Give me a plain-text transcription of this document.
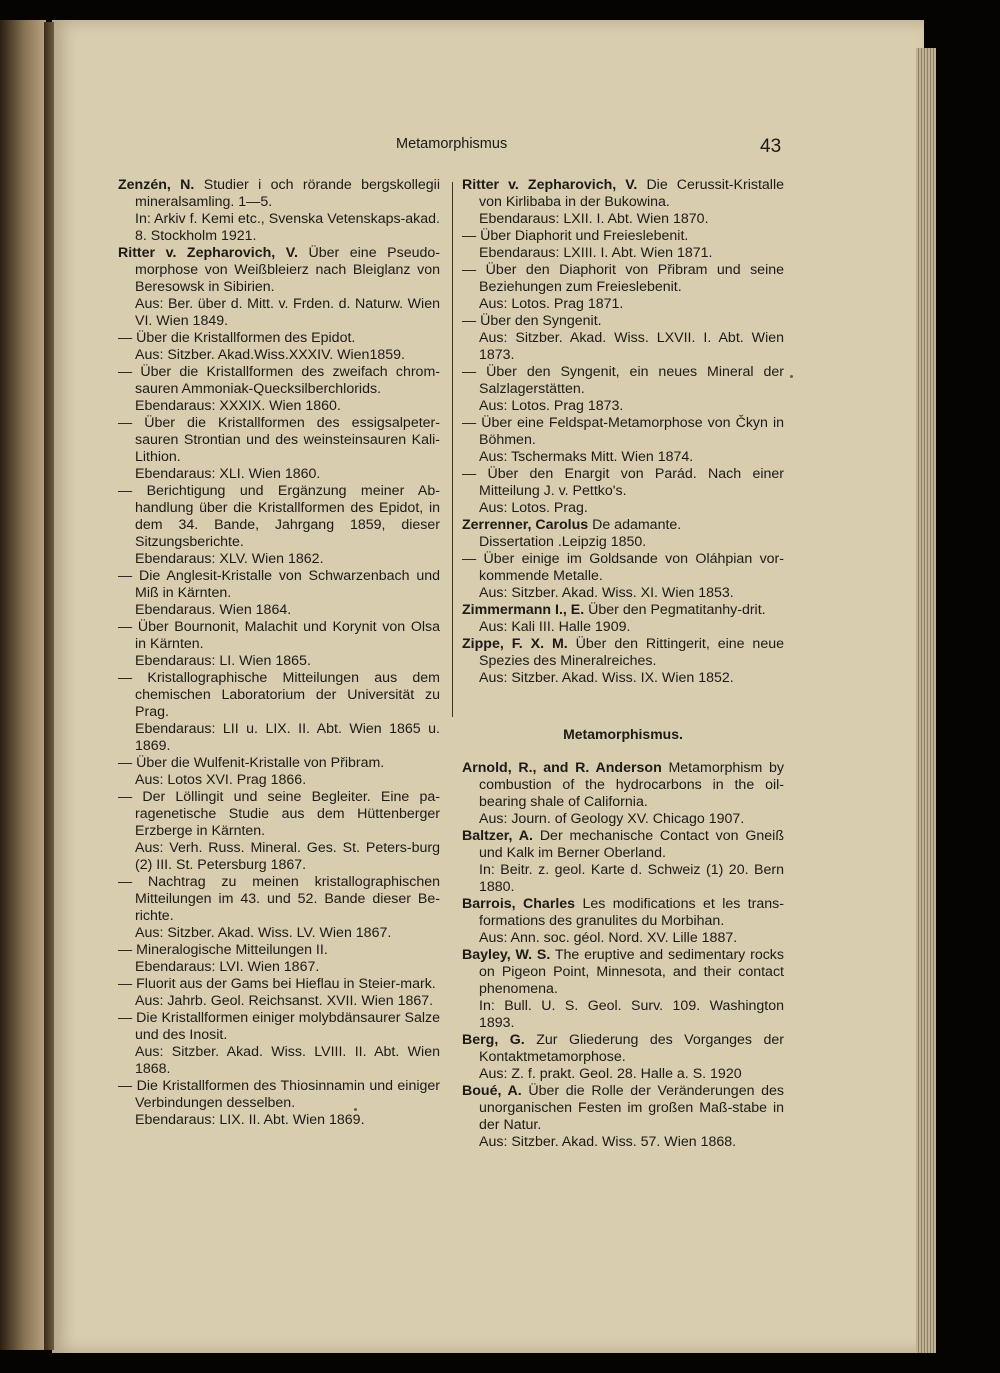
Metamorphismus	43

Zenzén, N. Studier i och rörande bergskollegii mineralsamling. 1—5.

In: Arkiv f. Kemi etc., Svenska Vetenskaps-akad. 8. Stockholm 1921.

Ritter v. Zepharovich, V. Über eine Pseudo-morphose von Weißbleierz nach Bleiglanz von Beresowsk in Sibirien.

Aus: Ber. über d. Mitt. v. Frden. d. Naturw. Wien VI. Wien 1849.

— Über die Kristallformen des Epidot.

Aus: Sitzber. Akad.Wiss.XXXIV. Wien1859.

— Über die Kristallformen des zweifach chrom-sauren Ammoniak-Quecksilberchlorids.

Ebendaraus: XXXIX. Wien 1860.

— Über die Kristallformen des essigsalpeter-sauren Strontian und des weinsteinsauren Kali-Lithion.

Ebendaraus: XLI. Wien 1860.

— Berichtigung und Ergänzung meiner Ab-handlung über die Kristallformen des Epidot, in dem 34. Bande, Jahrgang 1859, dieser Sitzungsberichte.

Ebendaraus: XLV. Wien 1862.

— Die Anglesit-Kristalle von Schwarzenbach und Miß in Kärnten.

Ebendaraus. Wien 1864.

— Über Bournonit, Malachit und Korynit von Olsa in Kärnten.

Ebendaraus: LI. Wien 1865.

— Kristallographische Mitteilungen aus dem chemischen Laboratorium der Universität zu Prag.

Ebendaraus: LII u. LIX. II. Abt. Wien 1865 u. 1869.

— Über die Wulfenit-Kristalle von Přibram.

Aus: Lotos XVI. Prag 1866.

— Der Löllingit und seine Begleiter. Eine pa-ragenetische Studie aus dem Hüttenberger Erzberge in Kärnten.

Aus: Verh. Russ. Mineral. Ges. St. Peters-burg (2) III. St. Petersburg 1867.

— Nachtrag zu meinen kristallographischen Mitteilungen im 43. und 52. Bande dieser Be-richte.

Aus: Sitzber. Akad. Wiss. LV. Wien 1867.

— Mineralogische Mitteilungen II.

Ebendaraus: LVI. Wien 1867.

— Fluorit aus der Gams bei Hieflau in Steier-mark.

Aus: Jahrb. Geol. Reichsanst. XVII. Wien 1867.

— Die Kristallformen einiger molybdänsaurer Salze und des Inosit.

Aus: Sitzber. Akad. Wiss. LVIII. II. Abt. Wien 1868.

— Die Kristallformen des Thiosinnamin und einiger Verbindungen desselben.

Ebendaraus: LIX. II. Abt. Wien 1869.

Ritter v. Zepharovich, V. Die Cerussit-Kristalle von Kirlibaba in der Bukowina.

Ebendaraus: LXII. I. Abt. Wien 1870.

— Über Diaphorit und Freieslebenit.

Ebendaraus: LXIII. I. Abt. Wien 1871.

— Über den Diaphorit von Přibram und seine Beziehungen zum Freieslebenit.

Aus: Lotos. Prag 1871.

— Über den Syngenit.

Aus: Sitzber. Akad. Wiss. LXVII. I. Abt. Wien 1873.

— Über den Syngenit, ein neues Mineral der Salzlagerstätten.

Aus: Lotos. Prag 1873.

— Über eine Feldspat-Metamorphose von Čkyn in Böhmen.

Aus: Tschermaks Mitt. Wien 1874.

— Über den Enargit von Parád. Nach einer Mitteilung J. v. Pettko's.

Aus: Lotos. Prag.

Zerrenner, Carolus De adamante.

Dissertation .Leipzig 1850.

— Über einige im Goldsande von Oláhpian vor-kommende Metalle.

Aus: Sitzber. Akad. Wiss. XI. Wien 1853.

Zimmermann I., E. Über den Pegmatitanhy-drit.

Aus: Kali III. Halle 1909.

Zippe, F. X. M. Über den Rittingerit, eine neue Spezies des Mineralreiches.

Aus: Sitzber. Akad. Wiss. IX. Wien 1852.

Metamorphismus.

Arnold, R., and R. Anderson Metamorphism by combustion of the hydrocarbons in the oil-bearing shale of California.

Aus: Journ. of Geology XV. Chicago 1907.

Baltzer, A. Der mechanische Contact von Gneiß und Kalk im Berner Oberland.

In: Beitr. z. geol. Karte d. Schweiz (1) 20. Bern 1880.

Barrois, Charles Les modifications et les trans-formations des granulites du Morbihan.

Aus: Ann. soc. géol. Nord. XV. Lille 1887.

Bayley, W. S. The eruptive and sedimentary rocks on Pigeon Point, Minnesota, and their contact phenomena.

In: Bull. U. S. Geol. Surv. 109. Washington 1893.

Berg, G. Zur Gliederung des Vorganges der Kontaktmetamorphose.

Aus: Z. f. prakt. Geol. 28. Halle a. S. 1920

Boué, A. Über die Rolle der Veränderungen des unorganischen Festen im großen Maß-stabe in der Natur.

Aus: Sitzber. Akad. Wiss. 57. Wien 1868.
